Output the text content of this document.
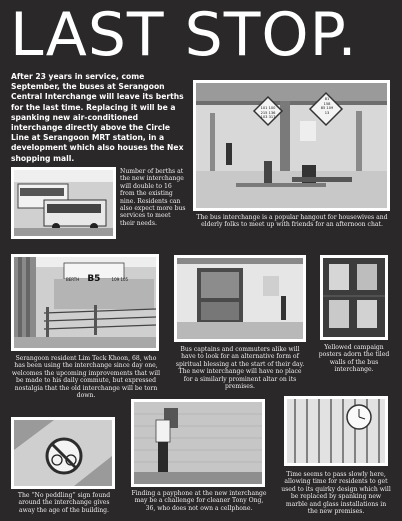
LAST STOP.
After 23 years in service, come September, the buses at Serangoon Central Interchange will leave its berths for the last time. Replacing it will be a spanking new air-conditioned interchange directly above the Circle Line at Serangoon MRT station, in a development which also houses the Nex shopping mall.
101 100
215 136
103 317
81
158
85 109
13
Number of berths at the new interchange will double to 16 from the existing nine. Residents can also expect more bus services to meet their needs.
The bus interchange is a popular hangout for housewives and elderly folks to meet up with friends for an afternoon chat.
BERTH B5	109 105
Serangoon resident Lim Teck Khoon, 68, who has been using the interchange since day one, welcomes the upcoming improvements that will be made to his daily commute, but expressed nostalgia that the old interchange will be torn down.
Bus captains and commuters alike will have to look for an alternative form of spiritual blessing at the start of their day. The new interchange will have no place for a similarly prominent altar on its premises.
Yellowed campaign posters adorn the tiled walls of the bus interchange.
The “No peddling” sign found around the interchange gives away the age of the building.
Finding a payphone at the new interchange may be a challenge for cleaner Tony Ong, 36, who does not own a cellphone.
Time seems to pass slowly here, allowing time for residents to get used to its quirky design which will be replaced by spanking new marble and glass installations in the new premises.
